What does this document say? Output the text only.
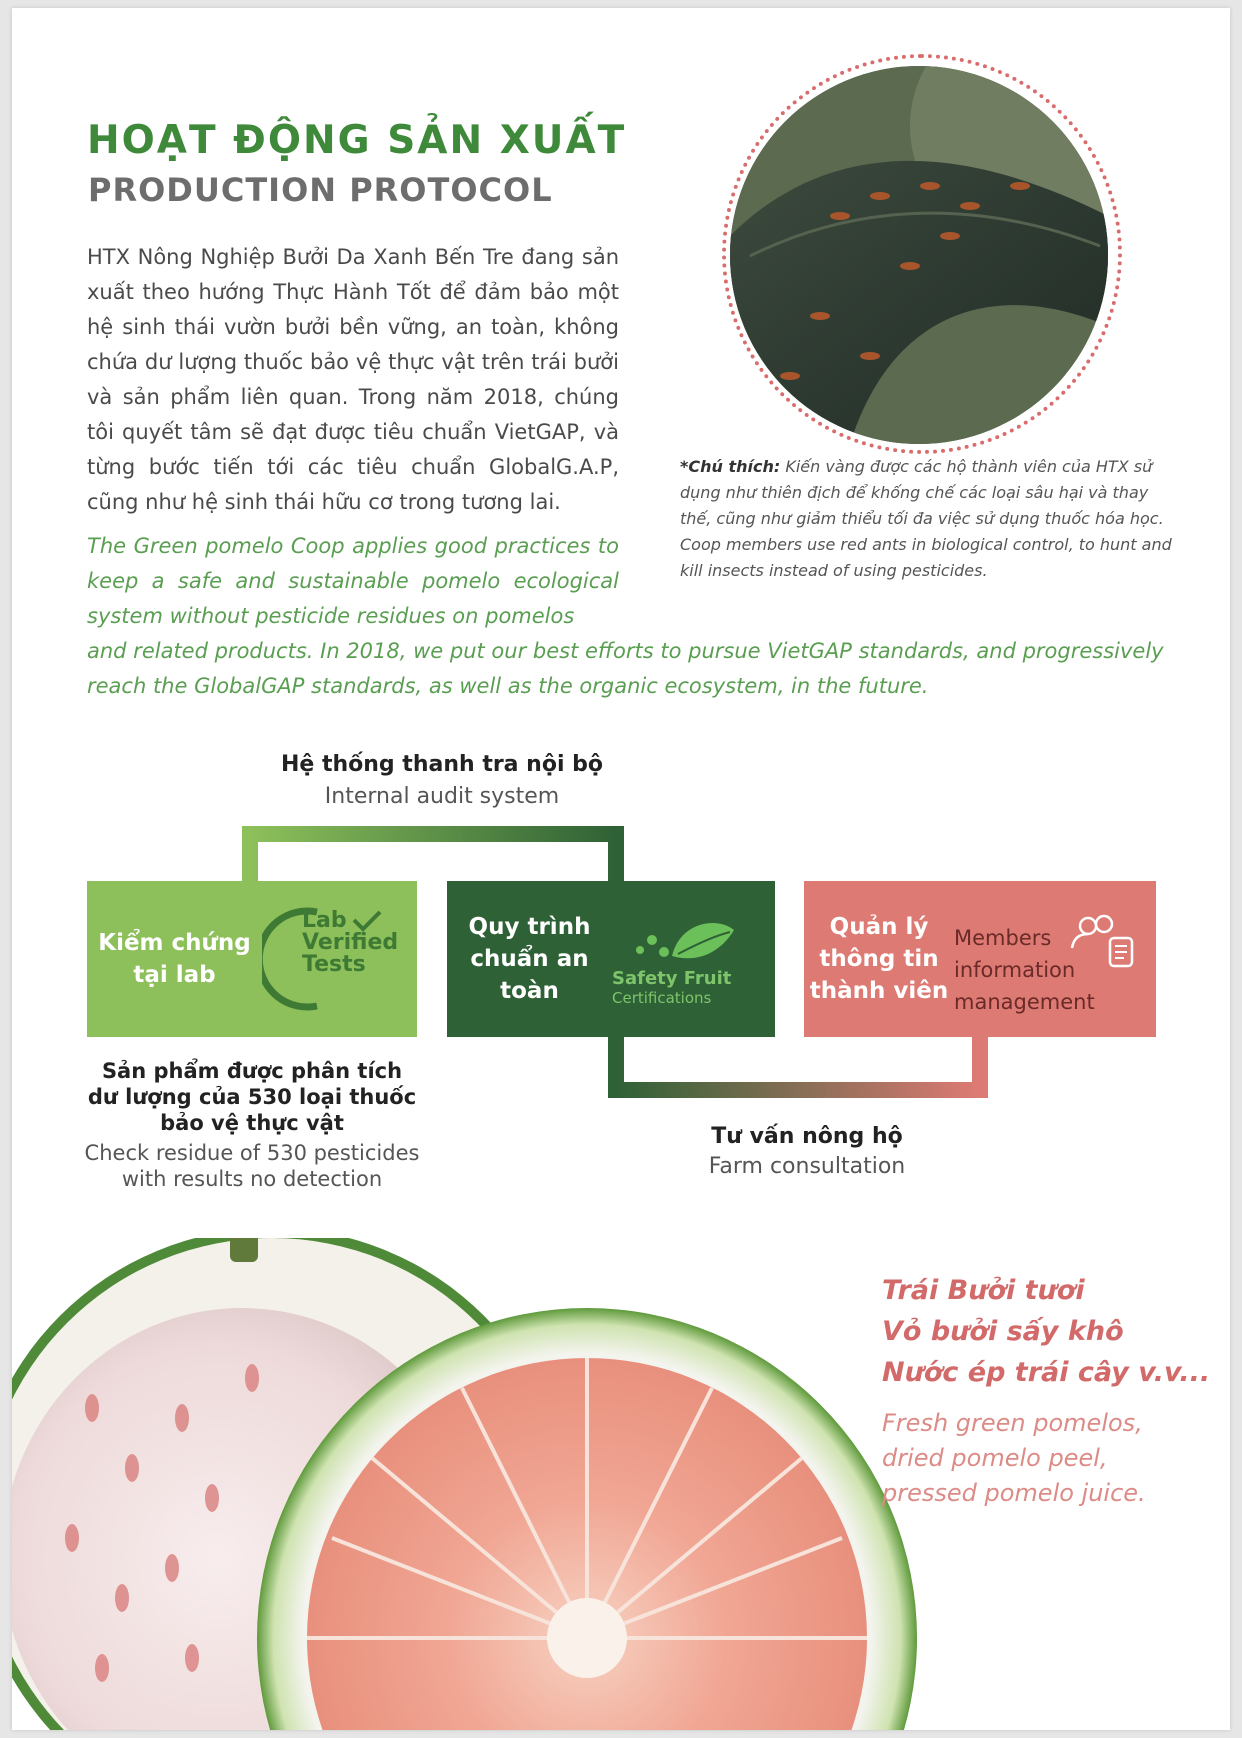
HOẠT ĐỘNG SẢN XUẤT
PRODUCTION PROTOCOL
HTX Nông Nghiệp Bưởi Da Xanh Bến Tre đang sản xuất theo hướng Thực Hành Tốt để đảm bảo một hệ sinh thái vườn bưởi bền vững, an toàn, không chứa dư lượng thuốc bảo vệ thực vật trên trái bưởi và sản phẩm liên quan. Trong năm 2018, chúng tôi quyết tâm sẽ đạt được tiêu chuẩn VietGAP, và từng bước tiến tới các tiêu chuẩn GlobalG.A.P, cũng như hệ sinh thái hữu cơ trong tương lai.
The Green pomelo Coop applies good practices to keep a safe and sustainable pomelo ecological system without pesticide residues on pomelos
and related products. In 2018, we put our best efforts to pursue VietGAP standards, and progressively reach the GlobalGAP standards, as well as the organic ecosystem, in the future.
*Chú thích: Kiến vàng được các hộ thành viên của HTX sử dụng như thiên địch để khống chế các loại sâu hại và thay thế, cũng như giảm thiểu tối đa việc sử dụng thuốc hóa học. Coop members use red ants in biological control, to hunt and kill insects instead of using pesticides.
Hệ thống thanh tra nội bộ
Internal audit system
Kiểm chứng
tại lab
Lab
Verified
Tests
Quy trình
chuẩn an
toàn	Safety Fruit
Certifications
Quản lý
thông tin
thành viên
Members
information
management
Sản phẩm được phân tích
dư lượng của 530 loại thuốc
bảo vệ thực vật
Check residue of 530 pesticides
with results no detection
Tư vấn nông hộ
Farm consultation
Trái Bưởi tươi
Vỏ bưởi sấy khô
Nước ép trái cây v.v...
Fresh green pomelos,
dried pomelo peel,
pressed pomelo juice.
